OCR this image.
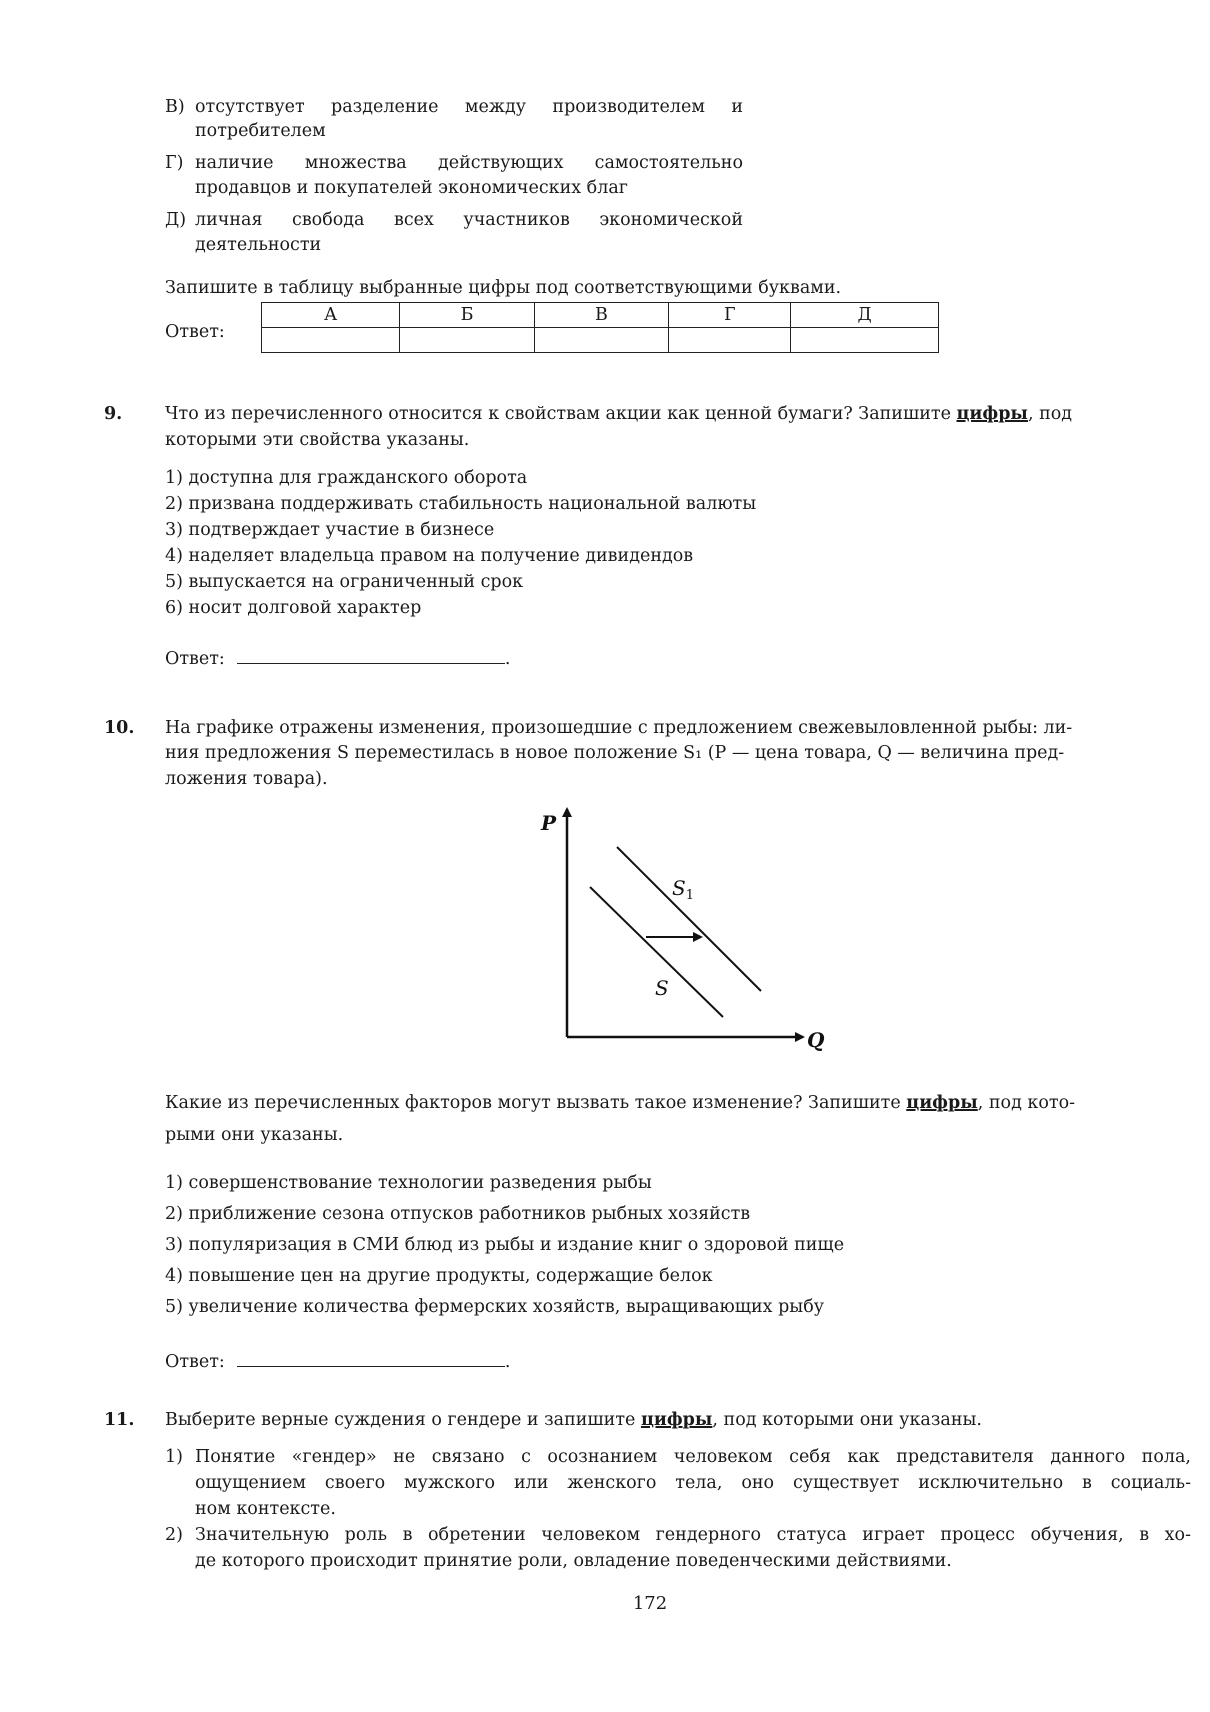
В) отсутствует разделение между производителем и
потребителем
Г) наличие множества действующих самостоятельно
продавцов и покупателей экономических благ
Д) личная свобода всех участников экономической
деятельности
Запишите в таблицу выбранные цифры под соответствующими буквами.
Ответ:
А	Б	В	Г	Д

9. Что из перечисленного относится к свойствам акции как ценной бумаги? Запишите цифры, под
которыми эти свойства указаны.
1) доступна для гражданского оборота
2) призвана поддерживать стабильность национальной валюты
3) подтверждает участие в бизнесе
4) наделяет владельца правом на получение дивидендов
5) выпускается на ограниченный срок
6) носит долговой характер
Ответ:	.
10. На графике отражены изменения, произошедшие с предложением свежевыловленной рыбы: ли-
ния предложения S переместилась в новое положение S₁ (P — цена товара, Q — величина пред-
ложения товара).
P
Q
S
$S_1$
Какие из перечисленных факторов могут вызвать такое изменение? Запишите цифры, под кото-
рыми они указаны.
1) совершенствование технологии разведения рыбы
2) приближение сезона отпусков работников рыбных хозяйств
3) популяризация в СМИ блюд из рыбы и издание книг о здоровой пище
4) повышение цен на другие продукты, содержащие белок
5) увеличение количества фермерских хозяйств, выращивающих рыбу
Ответ:	.
11. Выберите верные суждения о гендере и запишите цифры, под которыми они указаны.
1) Понятие «гендер» не связано с осознанием человеком себя как представителя данного пола,
ощущением своего мужского или женского тела, оно существует исключительно в социаль-
ном контексте.
2) Значительную роль в обретении человеком гендерного статуса играет процесс обучения, в хо-
де которого происходит принятие роли, овладение поведенческими действиями.
172
